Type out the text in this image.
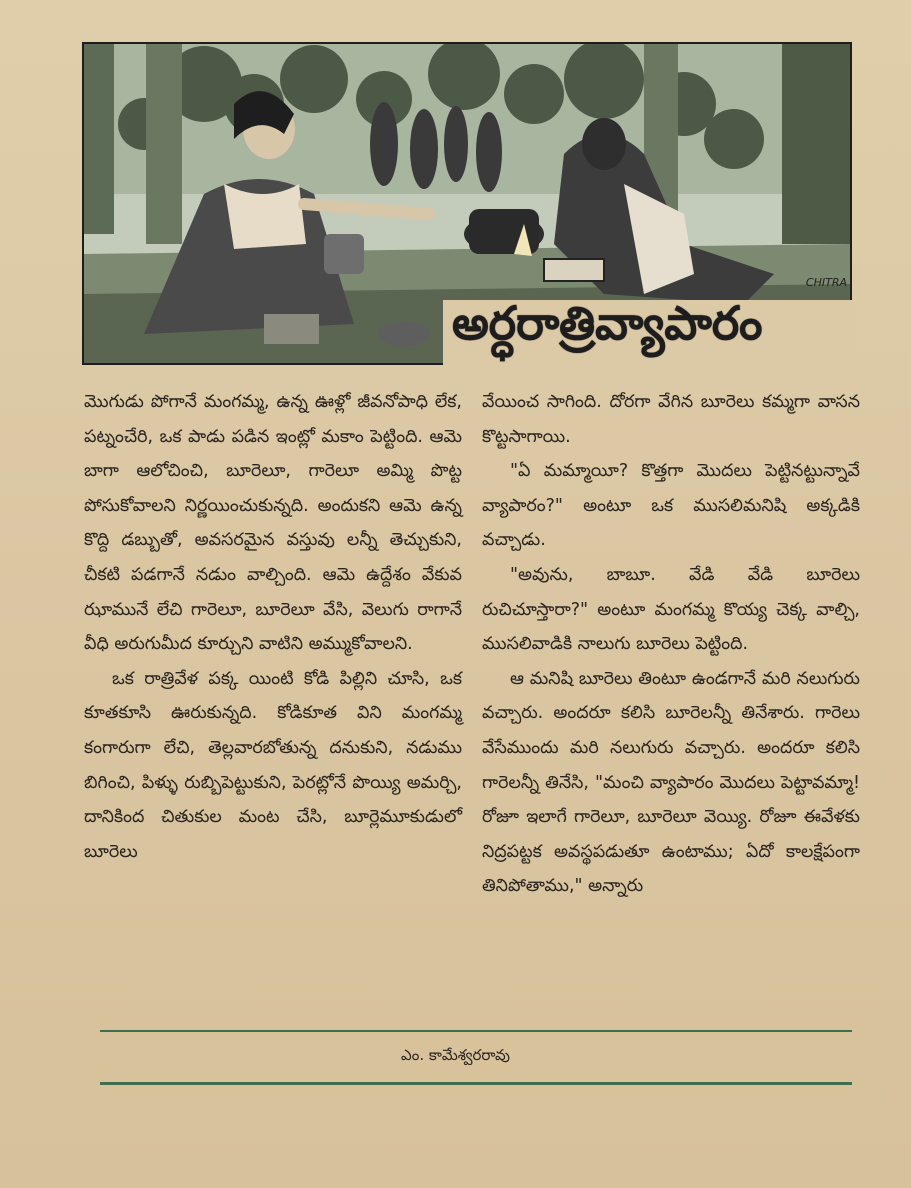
అర్ధరాత్రివ్యాపారం
CHITRA

మొగుడు పోగానే మంగమ్మ, ఉన్న ఊళ్లో జీవనోపాధి లేక, పట్నంచేరి, ఒక పాడు పడిన ఇంట్లో మకాం పెట్టింది. ఆమె బాగా ఆలోచించి, బూరెలూ, గారెలూ అమ్మి పొట్ట పోసుకోవాలని నిర్ణయించుకున్నది. అందుకని ఆమె ఉన్న కొద్ది డబ్బుతో, అవసరమైన వస్తువు లన్నీ తెచ్చుకుని, చీకటి పడగానే నడుం వాల్చింది. ఆమె ఉద్దేశం వేకువ ఝామునే లేచి గారెలూ, బూరెలూ వేసి, వెలుగు రాగానే వీధి అరుగుమీద కూర్చుని వాటిని అమ్ముకోవాలని.

ఒక రాత్రివేళ పక్క యింటి కోడి పిల్లిని చూసి, ఒక కూతకూసి ఊరుకున్నది. కోడికూత విని మంగమ్మ కంగారుగా లేచి, తెల్లవారబోతున్న దనుకుని, నడుము బిగించి, పిళ్ళు రుబ్బిపెట్టుకుని, పెరట్లోనే పొయ్యి అమర్చి, దానికింద చితుకుల మంట చేసి, బూర్లెమూకుడులో బూరెలు

వేయించ సాగింది. దోరగా వేగిన బూరెలు కమ్మగా వాసన కొట్టసాగాయి.

"ఏ మమ్మాయీ? కొత్తగా మొదలు పెట్టినట్టున్నావే వ్యాపారం?" అంటూ ఒక ముసలిమనిషి అక్కడికి వచ్చాడు.

"అవును, బాబూ. వేడి వేడి బూరెలు రుచిచూస్తారా?" అంటూ మంగమ్మ కొయ్య చెక్క వాల్చి, ముసలివాడికి నాలుగు బూరెలు పెట్టింది.

ఆ మనిషి బూరెలు తింటూ ఉండగానే మరి నలుగురు వచ్చారు. అందరూ కలిసి బూరెలన్నీ తినేశారు. గారెలు వేసేముందు మరి నలుగురు వచ్చారు. అందరూ కలిసి గారెలన్నీ తినేసి, "మంచి వ్యాపారం మొదలు పెట్టావమ్మా! రోజూ ఇలాగే గారెలూ, బూరెలూ వెయ్యి. రోజూ ఈవేళకు నిద్రపట్టక అవస్థపడుతూ ఉంటాము; ఏదో కాలక్షేపంగా తినిపోతాము," అన్నారు

ఎం. కామేశ్వరరావు
